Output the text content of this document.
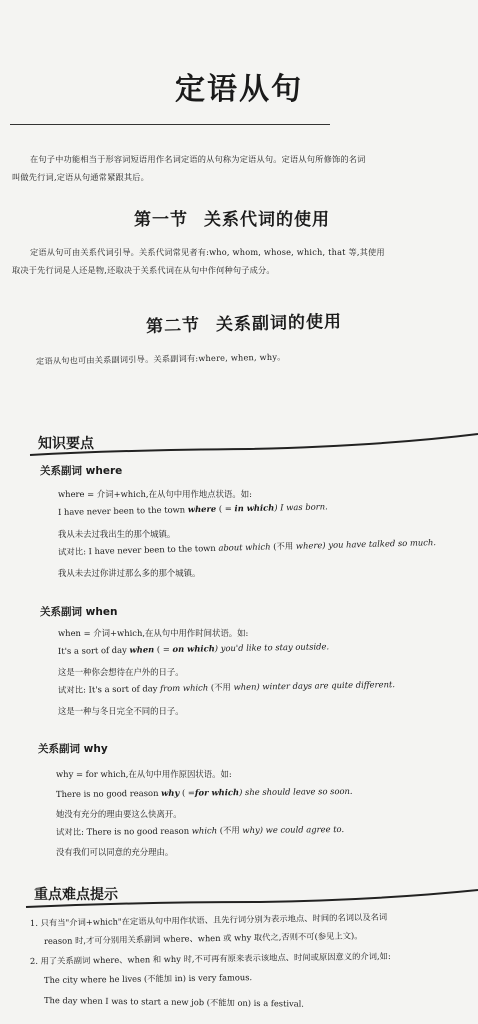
定语从句
在句子中功能相当于形容词短语用作名词定语的从句称为定语从句。定语从句所修饰的名词
叫做先行词,定语从句通常紧跟其后。
第一节 关系代词的使用
定语从句可由关系代词引导。关系代词常见者有:who, whom, whose, which, that 等,其使用
取决于先行词是人还是物,还取决于关系代词在从句中作何种句子成分。
第二节 关系副词的使用
定语从句也可由关系副词引导。关系副词有:where, when, why。
知识要点
关系副词 where
where = 介词+which,在从句中用作地点状语。如:
I have never been to the town where ( = in which) I was born.
我从未去过我出生的那个城镇。
试对比: I have never been to the town about which (不用 where) you have talked so much.
我从未去过你讲过那么多的那个城镇。
关系副词 when
when = 介词+which,在从句中用作时间状语。如:
It's a sort of day when ( = on which) you'd like to stay outside.
这是一种你会想待在户外的日子。
试对比: It's a sort of day from which (不用 when) winter days are quite different.
这是一种与冬日完全不同的日子。
关系副词 why
why = for which,在从句中用作原因状语。如:
There is no good reason why ( =for which) she should leave so soon.
她没有充分的理由要这么快离开。
试对比: There is no good reason which (不用 why) we could agree to.
没有我们可以同意的充分理由。
重点难点提示
1. 只有当"介词+which"在定语从句中用作状语、且先行词分别为表示地点、时间的名词以及名词
reason 时,才可分别用关系副词 where、when 或 why 取代之,否则不可(参见上文)。
2. 用了关系副词 where、when 和 why 时,不可再有原来表示该地点、时间或原因意义的介词,如:
The city where he lives (不能加 in) is very famous.
The day when I was to start a new job (不能加 on) is a festival.
